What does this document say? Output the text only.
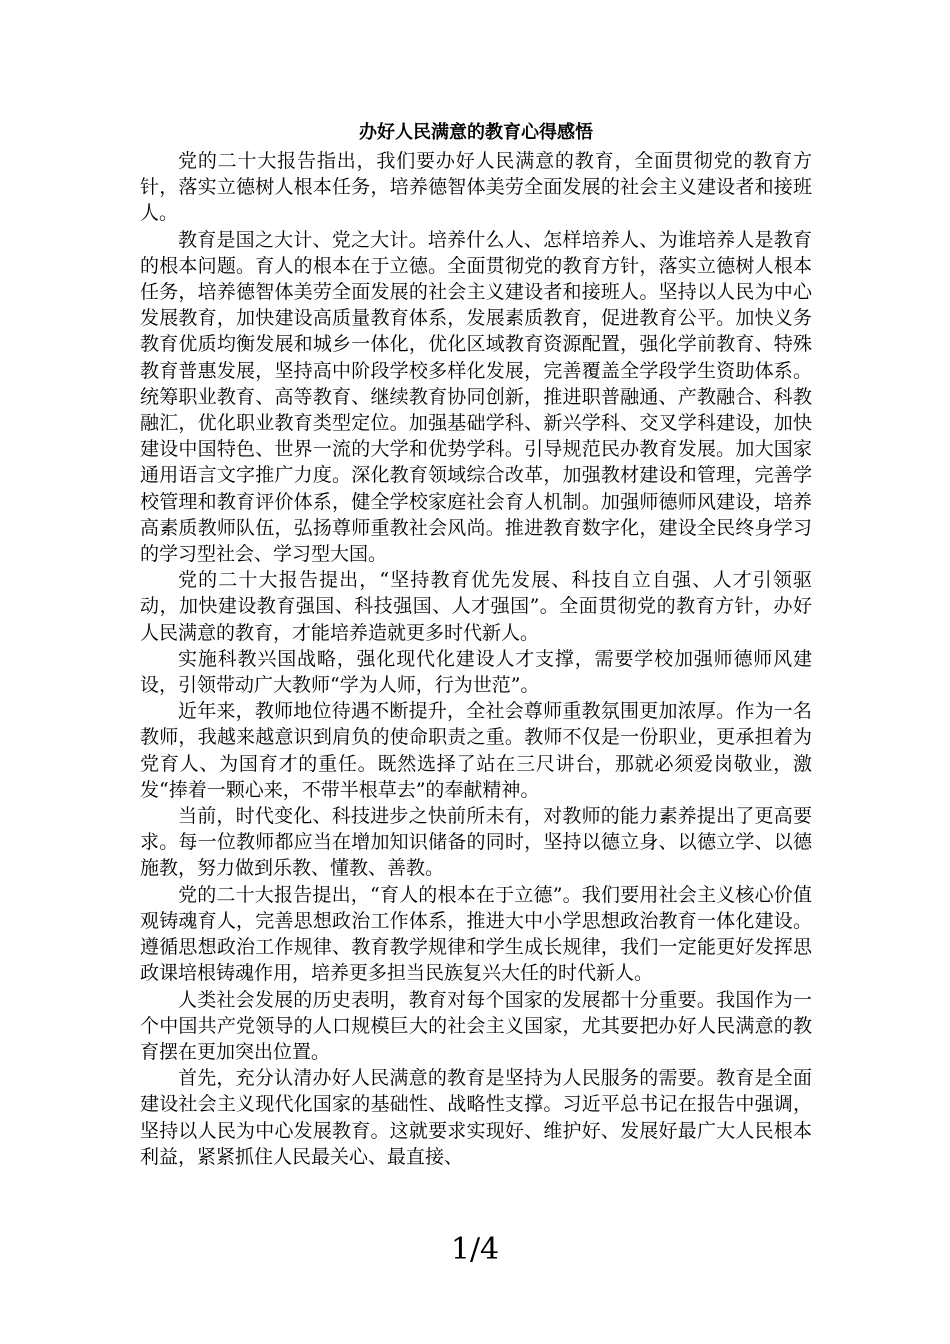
办好人民满意的教育心得感悟

党的二十大报告指出，我们要办好人民满意的教育，全面贯彻党的教育方针，落实立德树人根本任务，培养德智体美劳全面发展的社会主义建设者和接班人。

教育是国之大计、党之大计。培养什么人、怎样培养人、为谁培养人是教育的根本问题。育人的根本在于立德。全面贯彻党的教育方针，落实立德树人根本任务，培养德智体美劳全面发展的社会主义建设者和接班人。坚持以人民为中心发展教育，加快建设高质量教育体系，发展素质教育，促进教育公平。加快义务教育优质均衡发展和城乡一体化，优化区域教育资源配置，强化学前教育、特殊教育普惠发展，坚持高中阶段学校多样化发展，完善覆盖全学段学生资助体系。统筹职业教育、高等教育、继续教育协同创新，推进职普融通、产教融合、科教融汇，优化职业教育类型定位。加强基础学科、新兴学科、交叉学科建设，加快建设中国特色、世界一流的大学和优势学科。引导规范民办教育发展。加大国家通用语言文字推广力度。深化教育领域综合改革，加强教材建设和管理，完善学校管理和教育评价体系，健全学校家庭社会育人机制。加强师德师风建设，培养高素质教师队伍，弘扬尊师重教社会风尚。推进教育数字化，建设全民终身学习的学习型社会、学习型大国。

党的二十大报告提出，“坚持教育优先发展、科技自立自强、人才引领驱动，加快建设教育强国、科技强国、人才强国”。全面贯彻党的教育方针，办好人民满意的教育，才能培养造就更多时代新人。

实施科教兴国战略，强化现代化建设人才支撑，需要学校加强师德师风建设，引领带动广大教师“学为人师，行为世范”。

近年来，教师地位待遇不断提升，全社会尊师重教氛围更加浓厚。作为一名教师，我越来越意识到肩负的使命职责之重。教师不仅是一份职业，更承担着为党育人、为国育才的重任。既然选择了站在三尺讲台，那就必须爱岗敬业，激发“捧着一颗心来，不带半根草去”的奉献精神。

当前，时代变化、科技进步之快前所未有，对教师的能力素养提出了更高要求。每一位教师都应当在增加知识储备的同时，坚持以德立身、以德立学、以德施教，努力做到乐教、懂教、善教。

党的二十大报告提出，“育人的根本在于立德”。我们要用社会主义核心价值观铸魂育人，完善思想政治工作体系，推进大中小学思想政治教育一体化建设。遵循思想政治工作规律、教育教学规律和学生成长规律，我们一定能更好发挥思政课培根铸魂作用，培养更多担当民族复兴大任的时代新人。

人类社会发展的历史表明，教育对每个国家的发展都十分重要。我国作为一个中国共产党领导的人口规模巨大的社会主义国家，尤其要把办好人民满意的教育摆在更加突出位置。

首先，充分认清办好人民满意的教育是坚持为人民服务的需要。教育是全面建设社会主义现代化国家的基础性、战略性支撑。习近平总书记在报告中强调，坚持以人民为中心发展教育。这就要求实现好、维护好、发展好最广大人民根本利益，紧紧抓住人民最关心、最直接、

1/4
